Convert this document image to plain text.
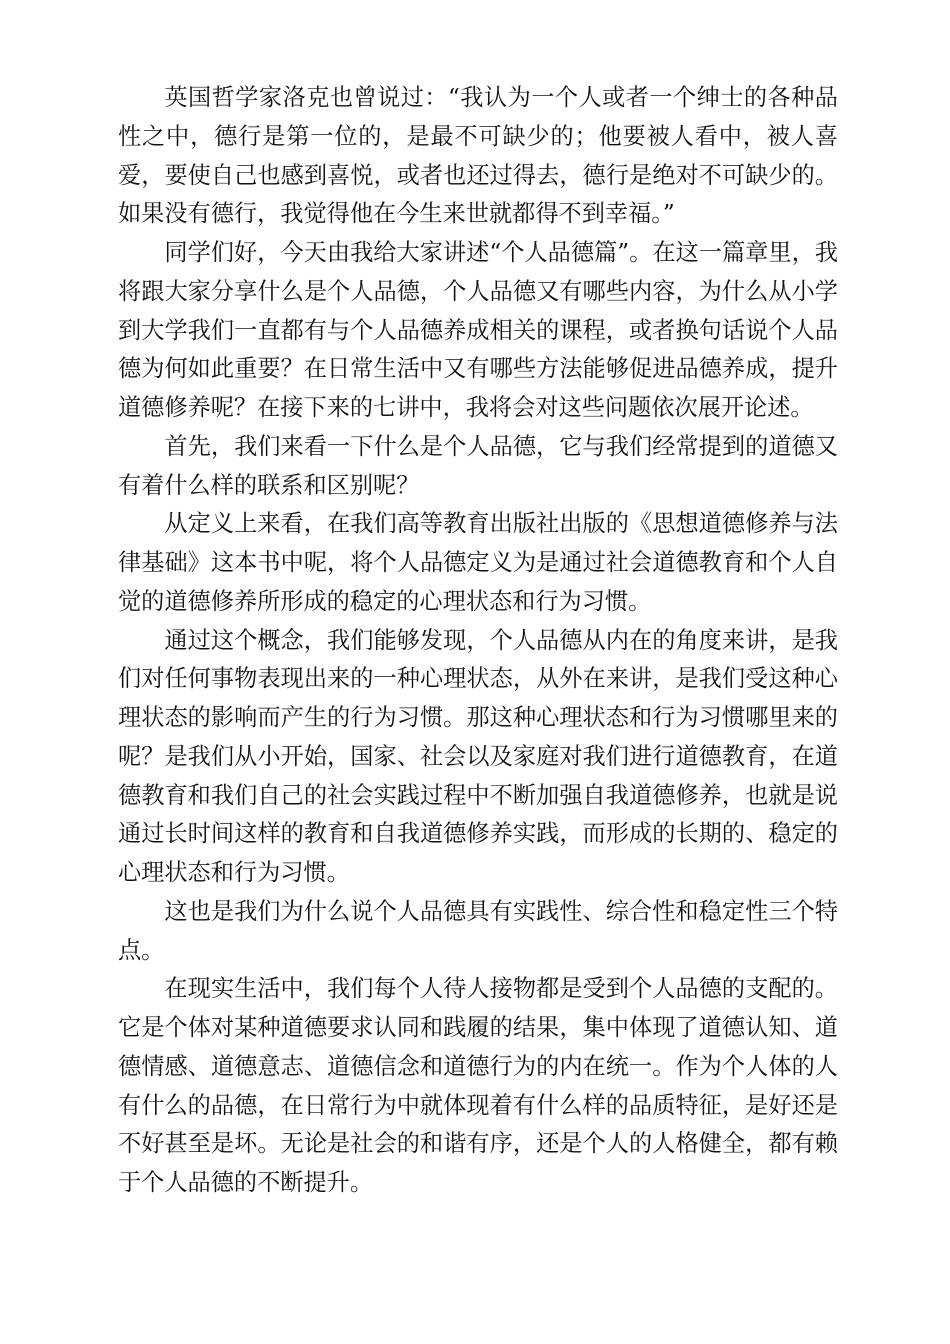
英国哲学家洛克也曾说过：“我认为一个人或者一个绅士的各种品性之中，德行是第一位的，是最不可缺少的；他要被人看中，被人喜爱，要使自己也感到喜悦，或者也还过得去，德行是绝对不可缺少的。如果没有德行，我觉得他在今生来世就都得不到幸福。”

同学们好，今天由我给大家讲述“个人品德篇”。在这一篇章里，我将跟大家分享什么是个人品德，个人品德又有哪些内容，为什么从小学到大学我们一直都有与个人品德养成相关的课程，或者换句话说个人品德为何如此重要？在日常生活中又有哪些方法能够促进品德养成，提升道德修养呢？在接下来的七讲中，我将会对这些问题依次展开论述。

首先，我们来看一下什么是个人品德，它与我们经常提到的道德又有着什么样的联系和区别呢？

从定义上来看，在我们高等教育出版社出版的《思想道德修养与法律基础》这本书中呢，将个人品德定义为是通过社会道德教育和个人自觉的道德修养所形成的稳定的心理状态和行为习惯。

通过这个概念，我们能够发现，个人品德从内在的角度来讲，是我们对任何事物表现出来的一种心理状态，从外在来讲，是我们受这种心理状态的影响而产生的行为习惯。那这种心理状态和行为习惯哪里来的呢？是我们从小开始，国家、社会以及家庭对我们进行道德教育，在道德教育和我们自己的社会实践过程中不断加强自我道德修养，也就是说通过长时间这样的教育和自我道德修养实践，而形成的长期的、稳定的心理状态和行为习惯。

这也是我们为什么说个人品德具有实践性、综合性和稳定性三个特点。

在现实生活中，我们每个人待人接物都是受到个人品德的支配的。它是个体对某种道德要求认同和践履的结果，集中体现了道德认知、道德情感、道德意志、道德信念和道德行为的内在统一。作为个人体的人有什么的品德，在日常行为中就体现着有什么样的品质特征，是好还是不好甚至是坏。无论是社会的和谐有序，还是个人的人格健全，都有赖于个人品德的不断提升。
